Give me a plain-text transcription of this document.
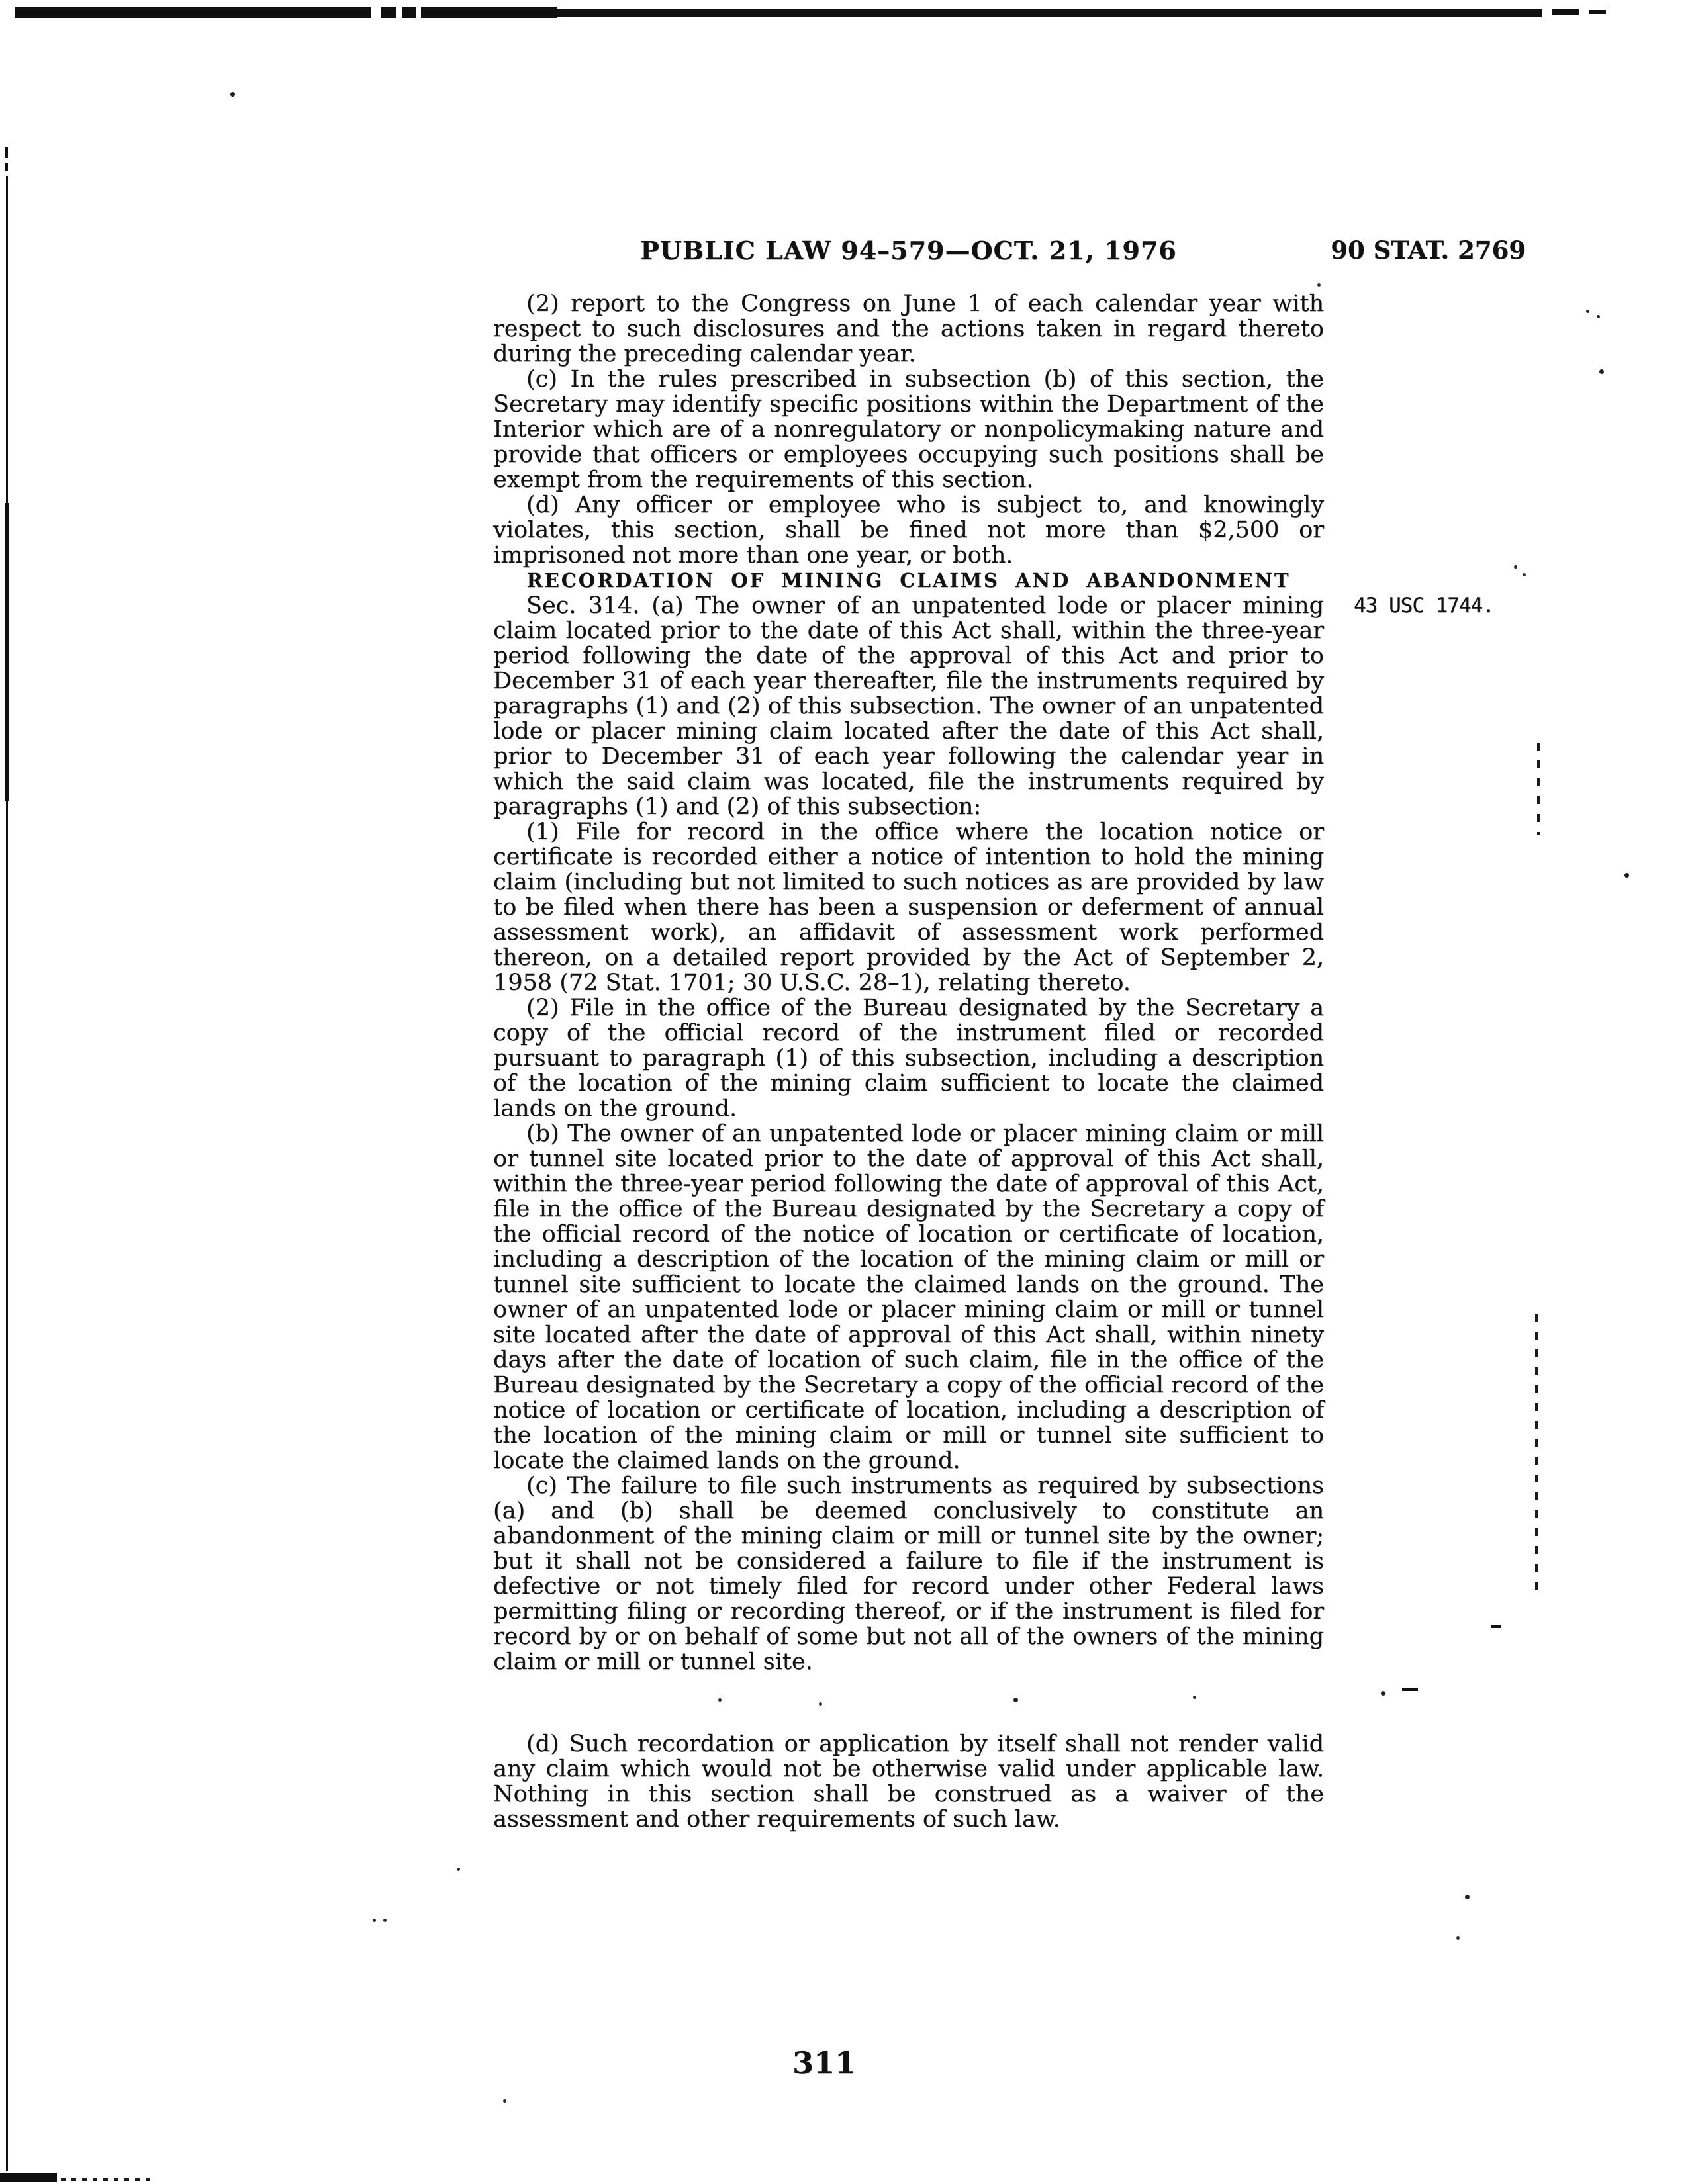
PUBLIC LAW 94–579—OCT. 21, 1976	90 STAT. 2769

(2) report to the Congress on June 1 of each calendar year with respect to such disclosures and the actions taken in regard thereto during the preceding calendar year.

(c) In the rules prescribed in subsection (b) of this section, the Secretary may identify specific positions within the Department of the Interior which are of a nonregulatory or nonpolicymaking nature and provide that officers or employees occupying such positions shall be exempt from the requirements of this section.

(d) Any officer or employee who is subject to, and knowingly violates, this section, shall be fined not more than $2,500 or imprisoned not more than one year, or both.

RECORDATION OF MINING CLAIMS AND ABANDONMENT

Sec. 314. (a) The owner of an unpatented lode or placer mining claim located prior to the date of this Act shall, within the three-year period following the date of the approval of this Act and prior to December 31 of each year thereafter, file the instruments required by paragraphs (1) and (2) of this subsection. The owner of an unpatented lode or placer mining claim located after the date of this Act shall, prior to December 31 of each year following the calendar year in which the said claim was located, file the instruments required by paragraphs (1) and (2) of this subsection:

43 USC 1744.

(1) File for record in the office where the location notice or certificate is recorded either a notice of intention to hold the mining claim (including but not limited to such notices as are provided by law to be filed when there has been a suspension or deferment of annual assessment work), an affidavit of assessment work performed thereon, on a detailed report provided by the Act of September 2, 1958 (72 Stat. 1701; 30 U.S.C. 28–1), relating thereto.

(2) File in the office of the Bureau designated by the Secretary a copy of the official record of the instrument filed or recorded pursuant to paragraph (1) of this subsection, including a description of the location of the mining claim sufficient to locate the claimed lands on the ground.

(b) The owner of an unpatented lode or placer mining claim or mill or tunnel site located prior to the date of approval of this Act shall, within the three-year period following the date of approval of this Act, file in the office of the Bureau designated by the Secretary a copy of the official record of the notice of location or certificate of location, including a description of the location of the mining claim or mill or tunnel site sufficient to locate the claimed lands on the ground. The owner of an unpatented lode or placer mining claim or mill or tunnel site located after the date of approval of this Act shall, within ninety days after the date of location of such claim, file in the office of the Bureau designated by the Secretary a copy of the official record of the notice of location or certificate of location, including a description of the location of the mining claim or mill or tunnel site sufficient to locate the claimed lands on the ground.

(c) The failure to file such instruments as required by subsections (a) and (b) shall be deemed conclusively to constitute an abandonment of the mining claim or mill or tunnel site by the owner; but it shall not be considered a failure to file if the instrument is defective or not timely filed for record under other Federal laws permitting filing or recording thereof, or if the instrument is filed for record by or on behalf of some but not all of the owners of the mining claim or mill or tunnel site.

(d) Such recordation or application by itself shall not render valid any claim which would not be otherwise valid under applicable law. Nothing in this section shall be construed as a waiver of the assessment and other requirements of such law.

311
